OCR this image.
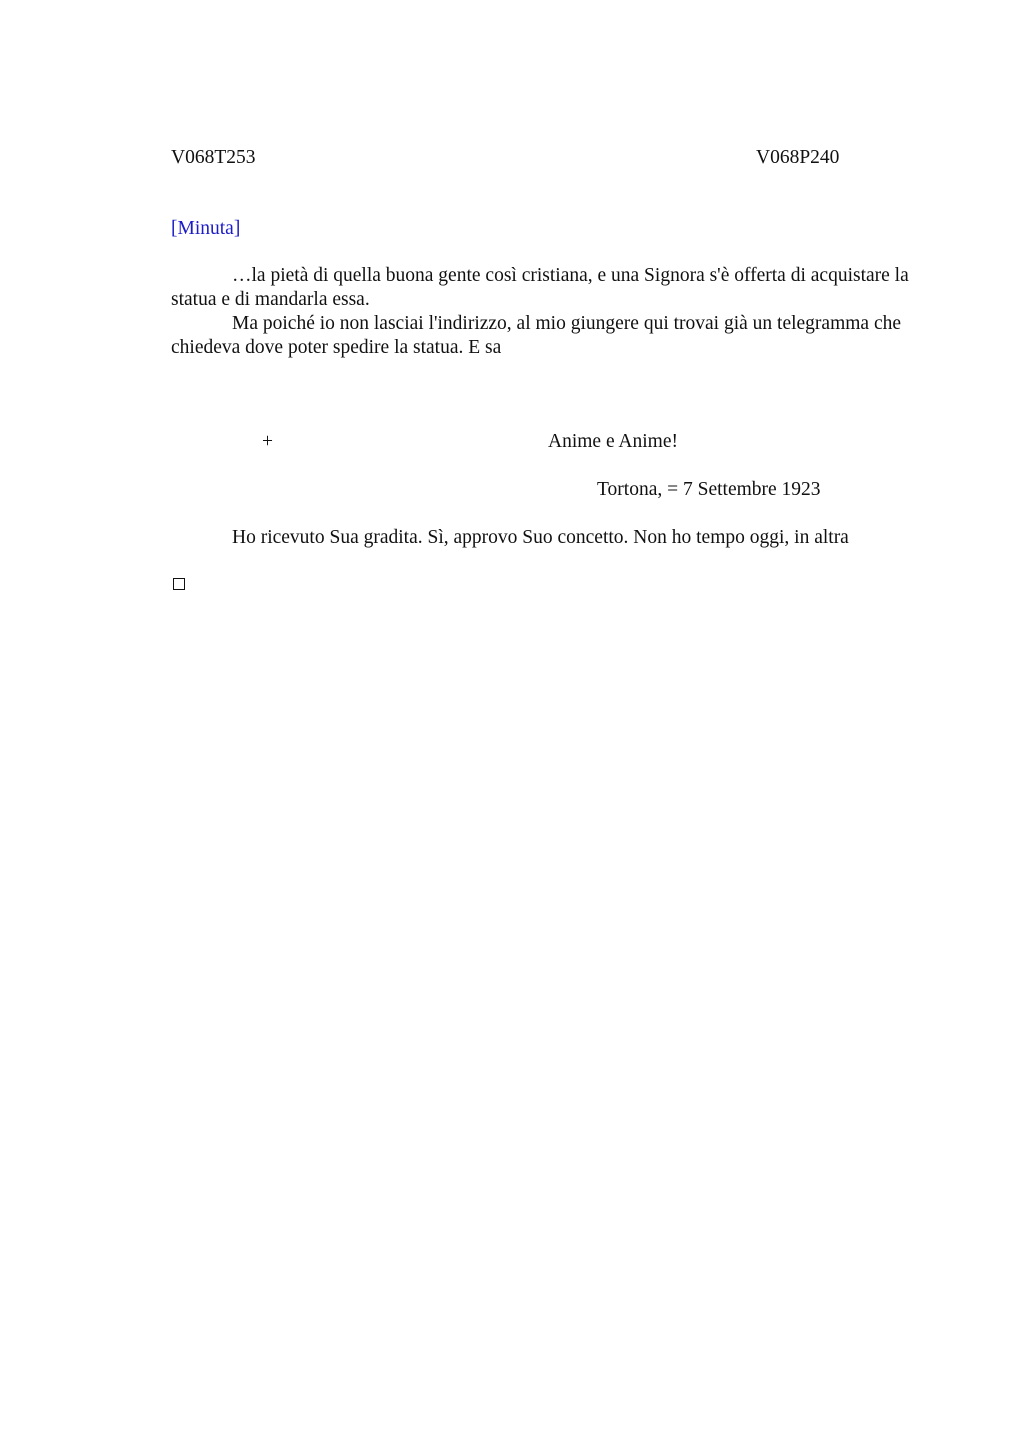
V068T253	V068P240
[Minuta]

…la pietà di quella buona gente così cristiana, e una Signora s'è offerta di acquistare la statua e di mandarla essa.

Ma poiché io non lasciai l'indirizzo, al mio giungere qui trovai già un telegramma che chiedeva dove poter spedire la statua. E sa

+	Anime e Anime!
Tortona, = 7 Settembre 1923

Ho ricevuto Sua gradita. Sì, approvo Suo concetto. Non ho tempo oggi, in altra
